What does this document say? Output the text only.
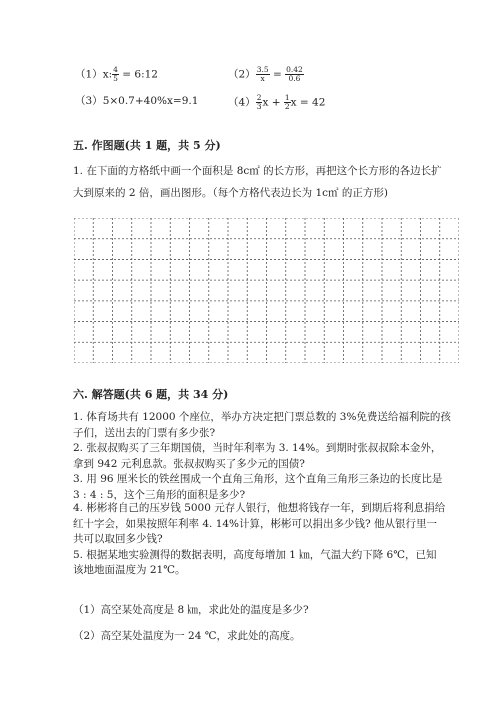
（1）x: $\frac{4}{5}$ = 6:12	$(2) \frac{3.5}{x} = \frac{0.42}{0.6}$
（3）5×0.7+40%x=9.1	$(4) \frac{2}{3}$ $x + \frac{1}{2}$ x = 42
五. 作图题(共 1 题，共 5 分)
1. 在下面的方格纸中画一个面积是 8c㎡ 的长方形，再把这个长方形的各边长扩
大到原来的 2 倍，画出图形。（每个方格代表边长为 1c㎡ 的正方形)
六. 解答题(共 6 题，共 34 分)
1. 体育场共有 12000 个座位，举办方决定把门票总数的 3%免费送给福利院的孩
子们，送出去的门票有多少张?
2. 张叔叔购买了三年期国债，当时年利率为 3. 14%。到期时张叔叔除本金外，
拿到 942 元利息款。张叔叔购买了多少元的国债?
3. 用 96 厘米长的铁丝围成一个直角三角形，这个直角三角形三条边的长度比是
3 : 4 : 5，这个三角形的面积是多少?
4. 彬彬将自己的压岁钱 5000 元存人银行，他想将钱存一年，到期后将利息捐给
红十字会，如果按照年利率 4. 14%计算，彬彬可以捐出多少钱? 他从银行里一
共可以取回多少钱?
5. 根据某地实验测得的数据表明，高度每增加 1 ㎞，气温大约下降 6℃，已知
该地地面温度为 21℃。
（1）高空某处高度是 8 ㎞，求此处的温度是多少?
（2）高空某处温度为一 24 ℃，求此处的高度。
